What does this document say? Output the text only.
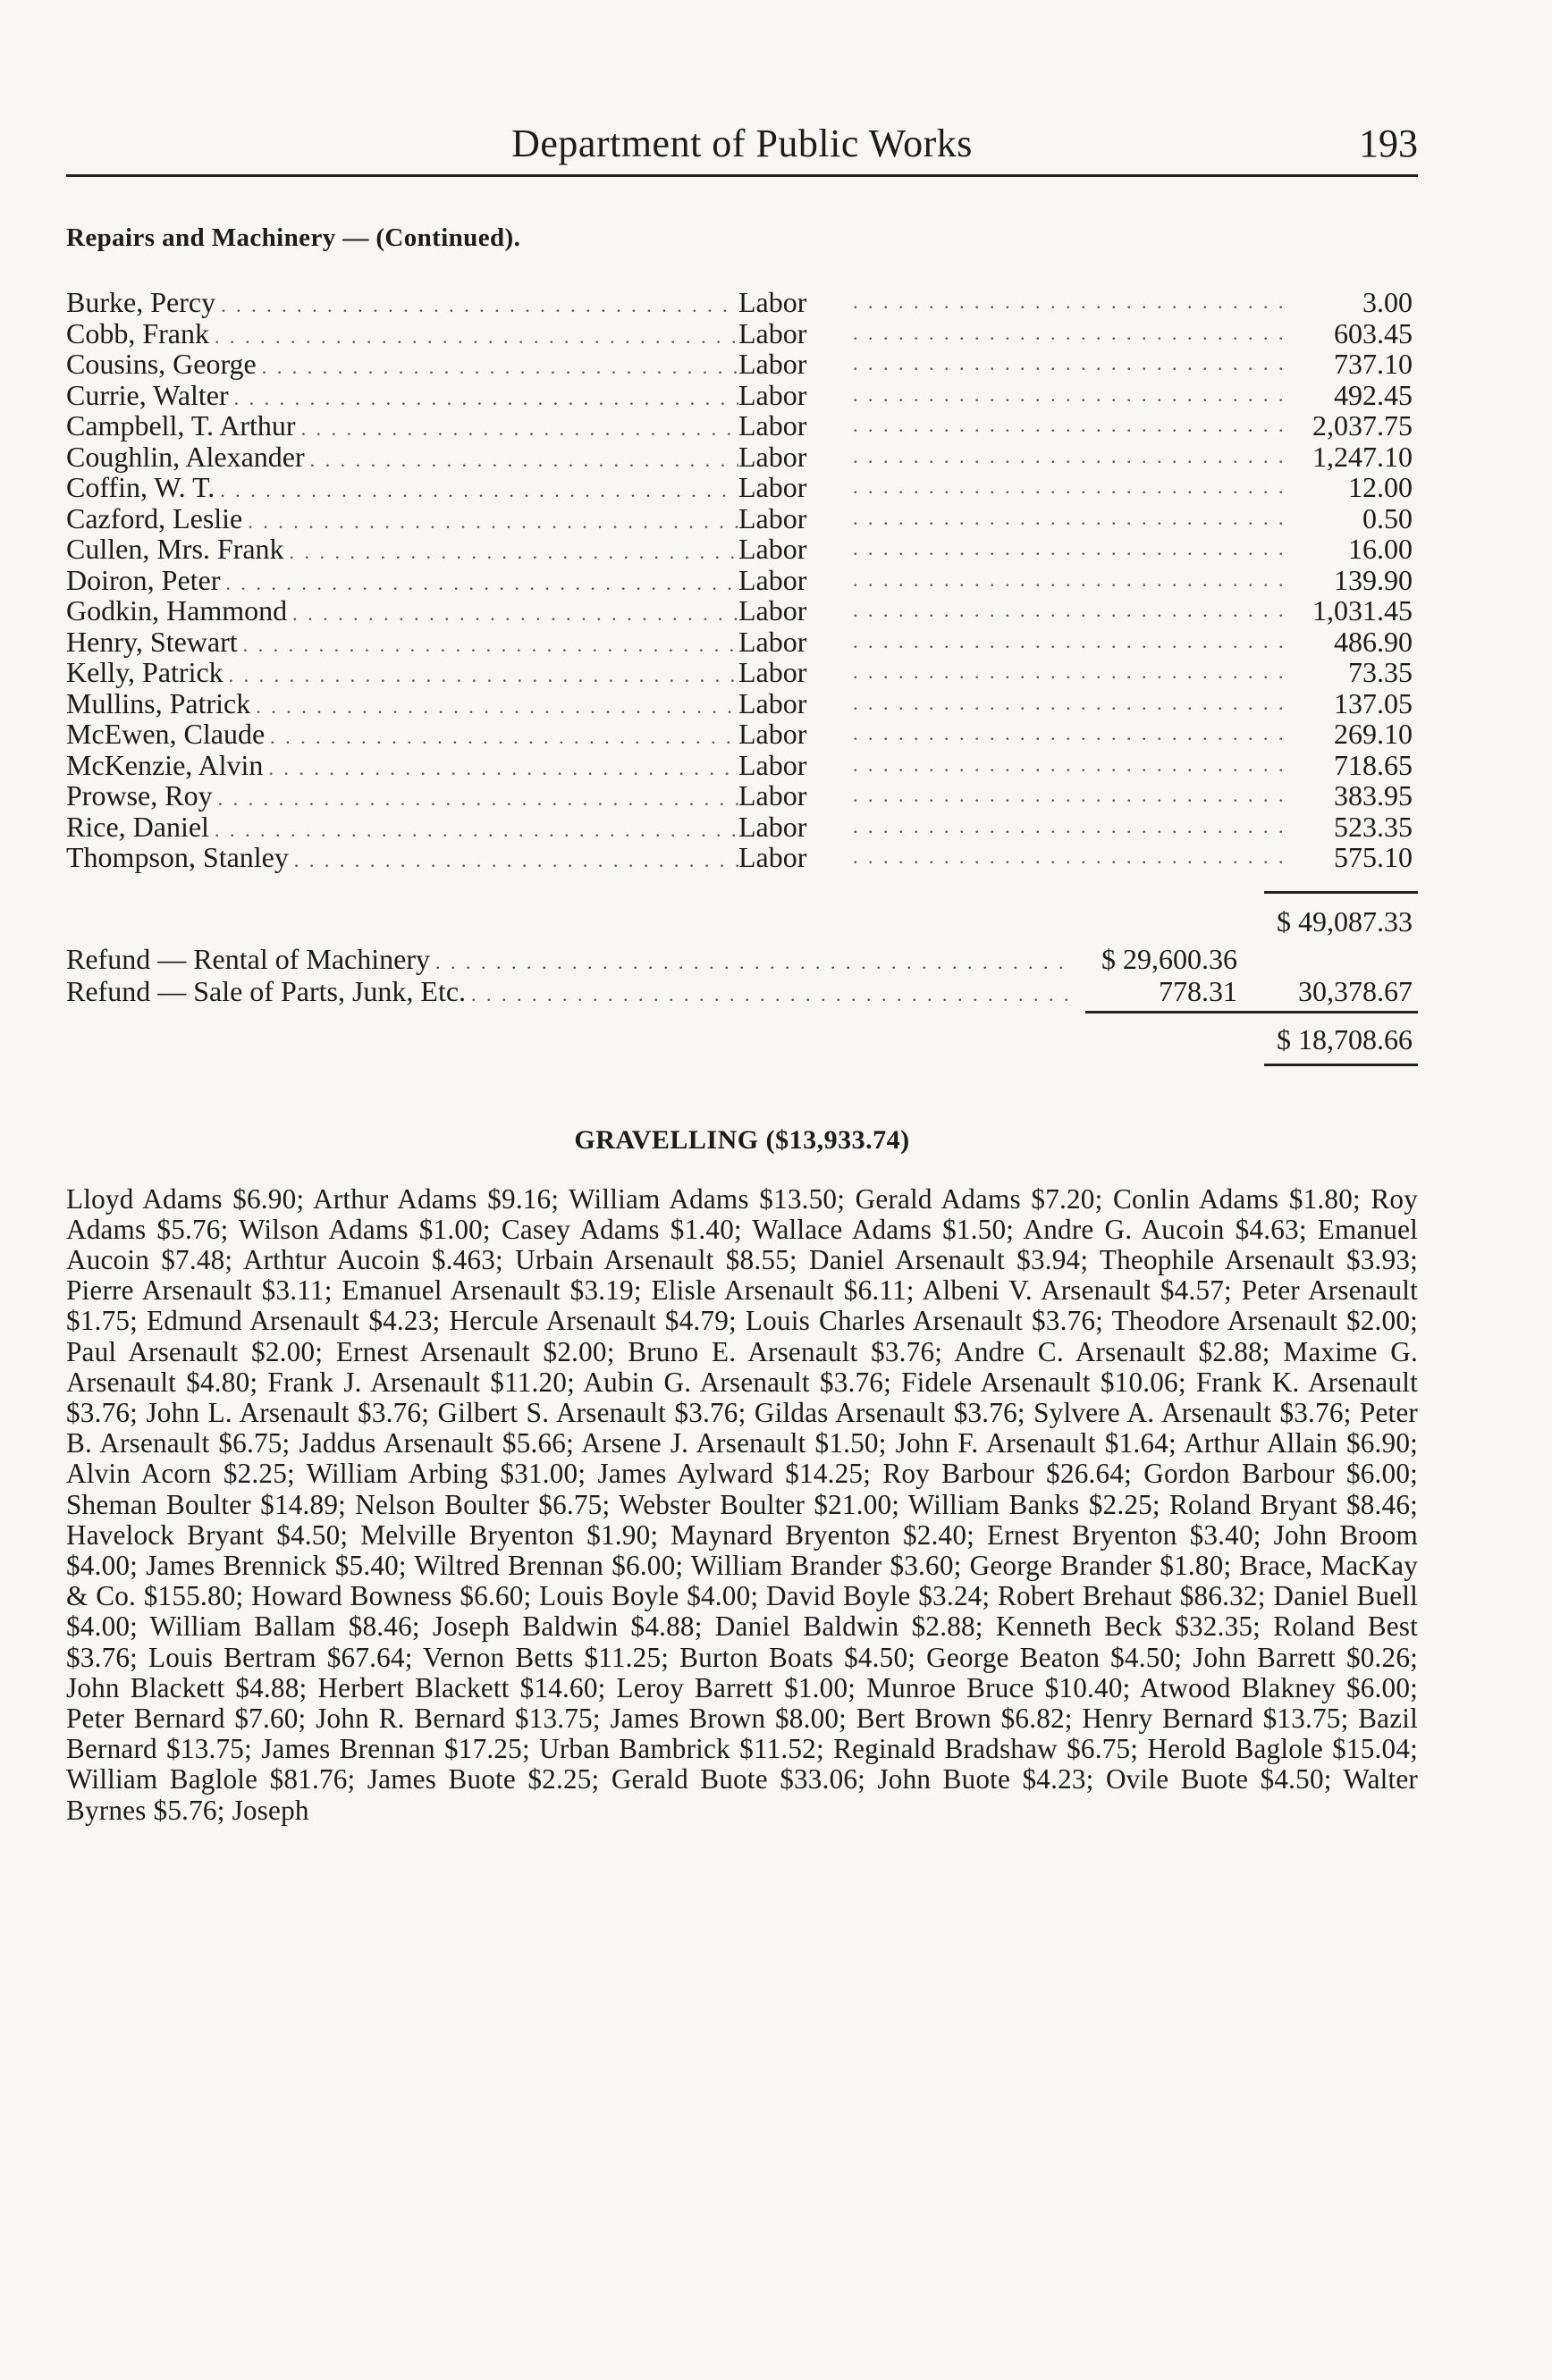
Department of Public Works	193
Repairs and Machinery — (Continued).
Burke, Percy . . .	Labor . . .	3.00
Cobb, Frank . . .	Labor . . .	603.45
Cousins, George . . .	Labor . . .	737.10
Currie, Walter . . .	Labor . . .	492.45
Campbell, T. Arthur . . .	Labor . . .	2,037.75
Coughlin, Alexander . . .	Labor . . .	1,247.10
Coffin, W. T. . . .	Labor . . .	12.00
Cazford, Leslie . . .	Labor . . .	0.50
Cullen, Mrs. Frank . . .	Labor . . .	16.00
Doiron, Peter . . .	Labor . . .	139.90
Godkin, Hammond . . .	Labor . . .	1,031.45
Henry, Stewart . . .	Labor . . .	486.90
Kelly, Patrick . . .	Labor . . .	73.35
Mullins, Patrick . . .	Labor . . .	137.05
McEwen, Claude . . .	Labor . . .	269.10
McKenzie, Alvin . . .	Labor . . .	718.65
Prowse, Roy . . .	Labor . . .	383.95
Rice, Daniel . . .	Labor . . .	523.35
Thompson, Stanley . . .	Labor . . .	575.10
$ 49,087.33
Refund — Rental of Machinery . . .	$ 29,600.36
Refund — Sale of Parts, Junk, Etc. . . .	778.31 30,378.67
$ 18,708.66
GRAVELLING ($13,933.74)
Lloyd Adams $6.90; Arthur Adams $9.16; William Adams $13.50; Gerald Adams $7.20; Conlin Adams $1.80; Roy Adams $5.76; Wilson Adams $1.00; Casey Adams $1.40; Wallace Adams $1.50; Andre G. Aucoin $4.63; Emanuel Aucoin $7.48; Arthtur Aucoin $.463; Urbain Arsenault $8.55; Daniel Arsenault $3.94; Theophile Arsenault $3.93; Pierre Arsenault $3.11; Emanuel Arsenault $3.19; Elisle Arsenault $6.11; Albeni V. Arsenault $4.57; Peter Arsenault $1.75; Edmund Arsenault $4.23; Hercule Arsenault $4.79; Louis Charles Arsenault $3.76; Theodore Arsenault $2.00; Paul Arsenault $2.00; Ernest Arsenault $2.00; Bruno E. Arsenault $3.76; Andre C. Arsenault $2.88; Maxime G. Arsenault $4.80; Frank J. Arsenault $11.20; Aubin G. Arsenault $3.76; Fidele Arsenault $10.06; Frank K. Arsenault $3.76; John L. Arsenault $3.76; Gilbert S. Arsenault $3.76; Gildas Arsenault $3.76; Sylvere A. Arsenault $3.76; Peter B. Arsenault $6.75; Jaddus Arsenault $5.66; Arsene J. Arsenault $1.50; John F. Arsenault $1.64; Arthur Allain $6.90; Alvin Acorn $2.25; William Arbing $31.00; James Aylward $14.25; Roy Barbour $26.64; Gordon Barbour $6.00; Sheman Boulter $14.89; Nelson Boulter $6.75; Webster Boulter $21.00; William Banks $2.25; Roland Bryant $8.46; Havelock Bryant $4.50; Melville Bryenton $1.90; Maynard Bryenton $2.40; Ernest Bryenton $3.40; John Broom $4.00; James Brennick $5.40; Wiltred Brennan $6.00; William Brander $3.60; George Brander $1.80; Brace, MacKay & Co. $155.80; Howard Bowness $6.60; Louis Boyle $4.00; David Boyle $3.24; Robert Brehaut $86.32; Daniel Buell $4.00; William Ballam $8.46; Joseph Baldwin $4.88; Daniel Baldwin $2.88; Kenneth Beck $32.35; Roland Best $3.76; Louis Bertram $67.64; Vernon Betts $11.25; Burton Boats $4.50; George Beaton $4.50; John Barrett $0.26; John Blackett $4.88; Herbert Blackett $14.60; Leroy Barrett $1.00; Munroe Bruce $10.40; Atwood Blakney $6.00; Peter Bernard $7.60; John R. Bernard $13.75; James Brown $8.00; Bert Brown $6.82; Henry Bernard $13.75; Bazil Bernard $13.75; James Brennan $17.25; Urban Bambrick $11.52; Reginald Bradshaw $6.75; Herold Baglole $15.04; William Baglole $81.76; James Buote $2.25; Gerald Buote $33.06; John Buote $4.23; Ovile Buote $4.50; Walter Byrnes $5.76; Joseph
